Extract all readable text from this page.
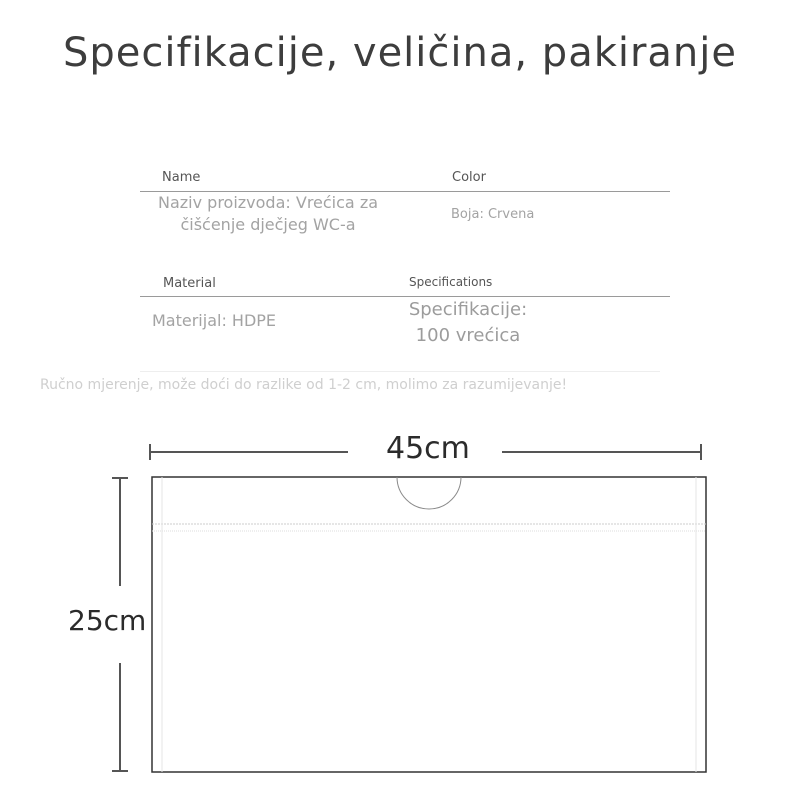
Specifikacije, veličina, pakiranje
Name	Color
Naziv proizvoda: Vrećica za
čišćenje dječjeg WC-a
Boja: Crvena
Material	Specifications
Materijal: HDPE
Specifikacije:
100 vrećica
Ručno mjerenje, može doći do razlike od 1-2 cm, molimo za razumijevanje!
45cm
25cm
